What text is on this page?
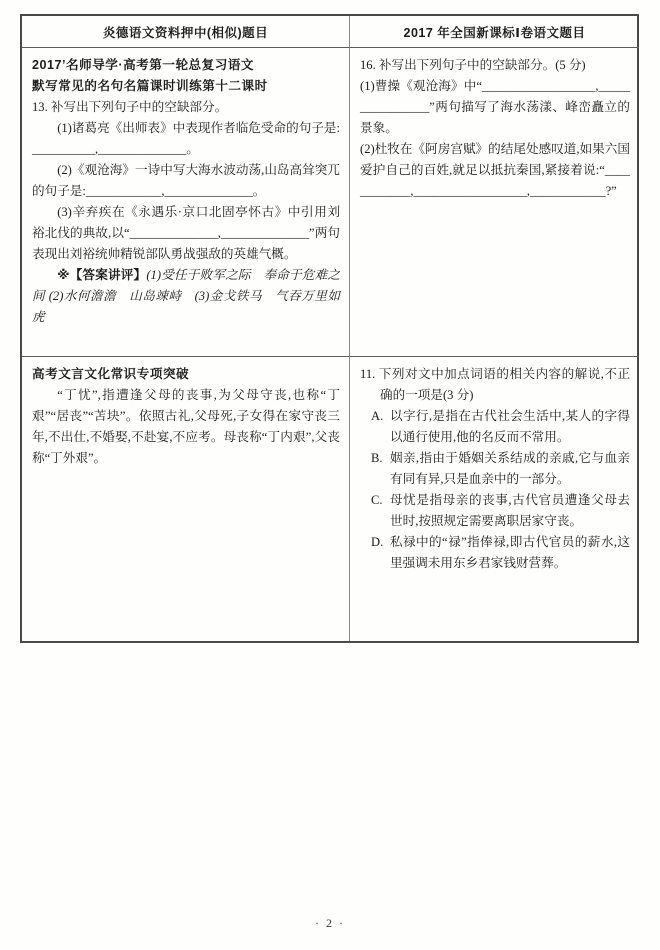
炎德语文资料押中(相似)题目	2017 年全国新课标Ⅰ卷语文题目

2017’名师导学·高考第一轮总复习语文

默写常见的名句名篇课时训练第十二课时

13. 补写出下列句子中的空缺部分。

(1)诸葛亮《出师表》中表现作者临危受命的句子是:__________,______________。

(2)《观沧海》一诗中写大海水波动荡,山岛高耸突兀的句子是:____________,______________。

(3)辛弃疾在《永遇乐·京口北固亭怀古》中引用刘裕北伐的典故,以“______________,______________”两句表现出刘裕统帅精锐部队勇战强敌的英雄气概。

※【答案讲评】(1)受任于败军之际　奉命于危难之间 (2)水何澹澹　山岛竦峙　(3)金戈铁马　气吞万里如虎

16. 补写出下列句子中的空缺部分。(5 分)

(1)曹操《观沧海》中“__________________,________________”两句描写了海水荡漾、峰峦矗立的景象。

(2)杜牧在《阿房宫赋》的结尾处感叹道,如果六国爱护自己的百姓,就足以抵抗秦国,紧接着说:“____________,__________________,____________?”

高考文言文化常识专项突破

“丁忧”,指遭逢父母的丧事,为父母守丧,也称“丁艰”“居丧”“苫块”。依照古礼,父母死,子女得在家守丧三年,不出仕,不婚娶,不赴宴,不应考。母丧称“丁内艰”,父丧称“丁外艰”。

11. 下列对文中加点词语的相关内容的解说,不正确的一项是(3 分)

A. 以字行,是指在古代社会生活中,某人的字得以通行使用,他的名反而不常用。

B. 姻亲,指由于婚姻关系结成的亲戚,它与血亲有同有异,只是血亲中的一部分。

C. 母忧是指母亲的丧事,古代官员遭逢父母去世时,按照规定需要离职居家守丧。

D. 私禄中的“禄”指俸禄,即古代官员的薪水,这里强调未用东乡君家钱财营葬。

· 2 ·
